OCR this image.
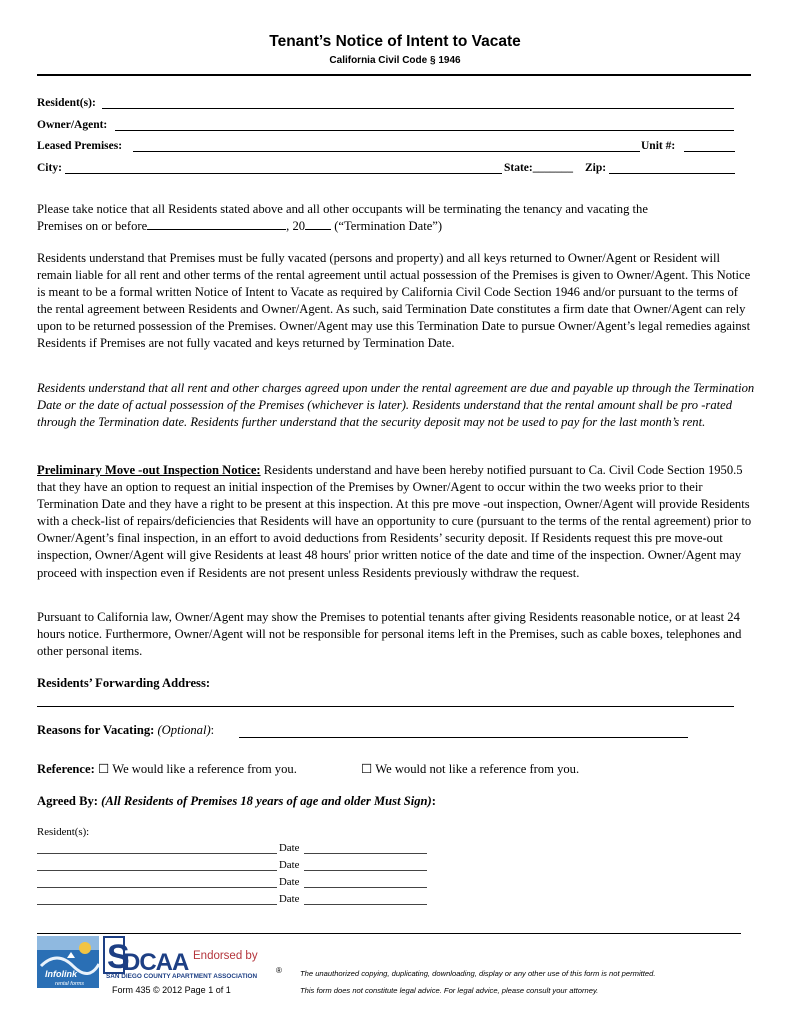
Tenant’s Notice of Intent to Vacate
California Civil Code § 1946
Resident(s):
Owner/Agent:
Leased Premises:	Unit #:
City:	State:_______ Zip:
Please take notice that all Residents stated above and all other occupants will be terminating the tenancy and vacating the
Premises on or before	, 20 (“Termination Date”)
Residents understand that Premises must be fully vacated (persons and property) and all keys returned to Owner/Agent or Resident will remain liable for all rent and other terms of the rental agreement until actual possession of the Premises is given to Owner/Agent. This Notice is meant to be a formal written Notice of Intent to Vacate as required by California Civil Code Section 1946 and/or pursuant to the terms of the rental agreement between Residents and Owner/Agent. As such, said Termination Date constitutes a firm date that Owner/Agent can rely upon to be returned possession of the Premises. Owner/Agent may use this Termination Date to pursue Owner/Agent’s legal remedies against Residents if Premises are not fully vacated and keys returned by Termination Date.
Residents understand that all rent and other charges agreed upon under the rental agreement are due and payable up through the Termination Date or the date of actual possession of the Premises (whichever is later). Residents understand that the rental amount shall be pro -rated through the Termination date. Residents further understand that the security deposit may not be used to pay for the last month’s rent.
Preliminary Move -out Inspection Notice: Residents understand and have been hereby notified pursuant to Ca. Civil Code Section 1950.5 that they have an option to request an initial inspection of the Premises by Owner/Agent to occur within the two weeks prior to their Termination Date and they have a right to be present at this inspection. At this pre move -out inspection, Owner/Agent will provide Residents with a check-list of repairs/deficiencies that Residents will have an opportunity to cure (pursuant to the terms of the rental agreement) prior to Owner/Agent’s final inspection, in an effort to avoid deductions from Residents’ security deposit. If Residents request this pre move-out inspection, Owner/Agent will give Residents at least 48 hours' prior written notice of the date and time of the inspection. Owner/Agent may proceed with inspection even if Residents are not present unless Residents previously withdraw the request.
Pursuant to California law, Owner/Agent may show the Premises to potential tenants after giving Residents reasonable notice, or at least 24 hours notice. Furthermore, Owner/Agent will not be responsible for personal items left in the Premises, such as cable boxes, telephones and other personal items.
Residents’ Forwarding Address:
Reasons for Vacating: (Optional):
Reference: ☐ We would like a reference from you.	☐ We would not like a reference from you.
Agreed By: (All Residents of Premises 18 years of age and older Must Sign):
Resident(s):
Date
Date
Date
Date
Infolink
rental forms
S
DCAA Endorsed by
SAN DIEGO COUNTY APARTMENT ASSOCIATION
®
Form 435 © 2012 Page 1 of 1
The unauthorized copying, duplicating, downloading, display or any other use of this form is not permitted.
This form does not constitute legal advice. For legal advice, please consult your attorney.
